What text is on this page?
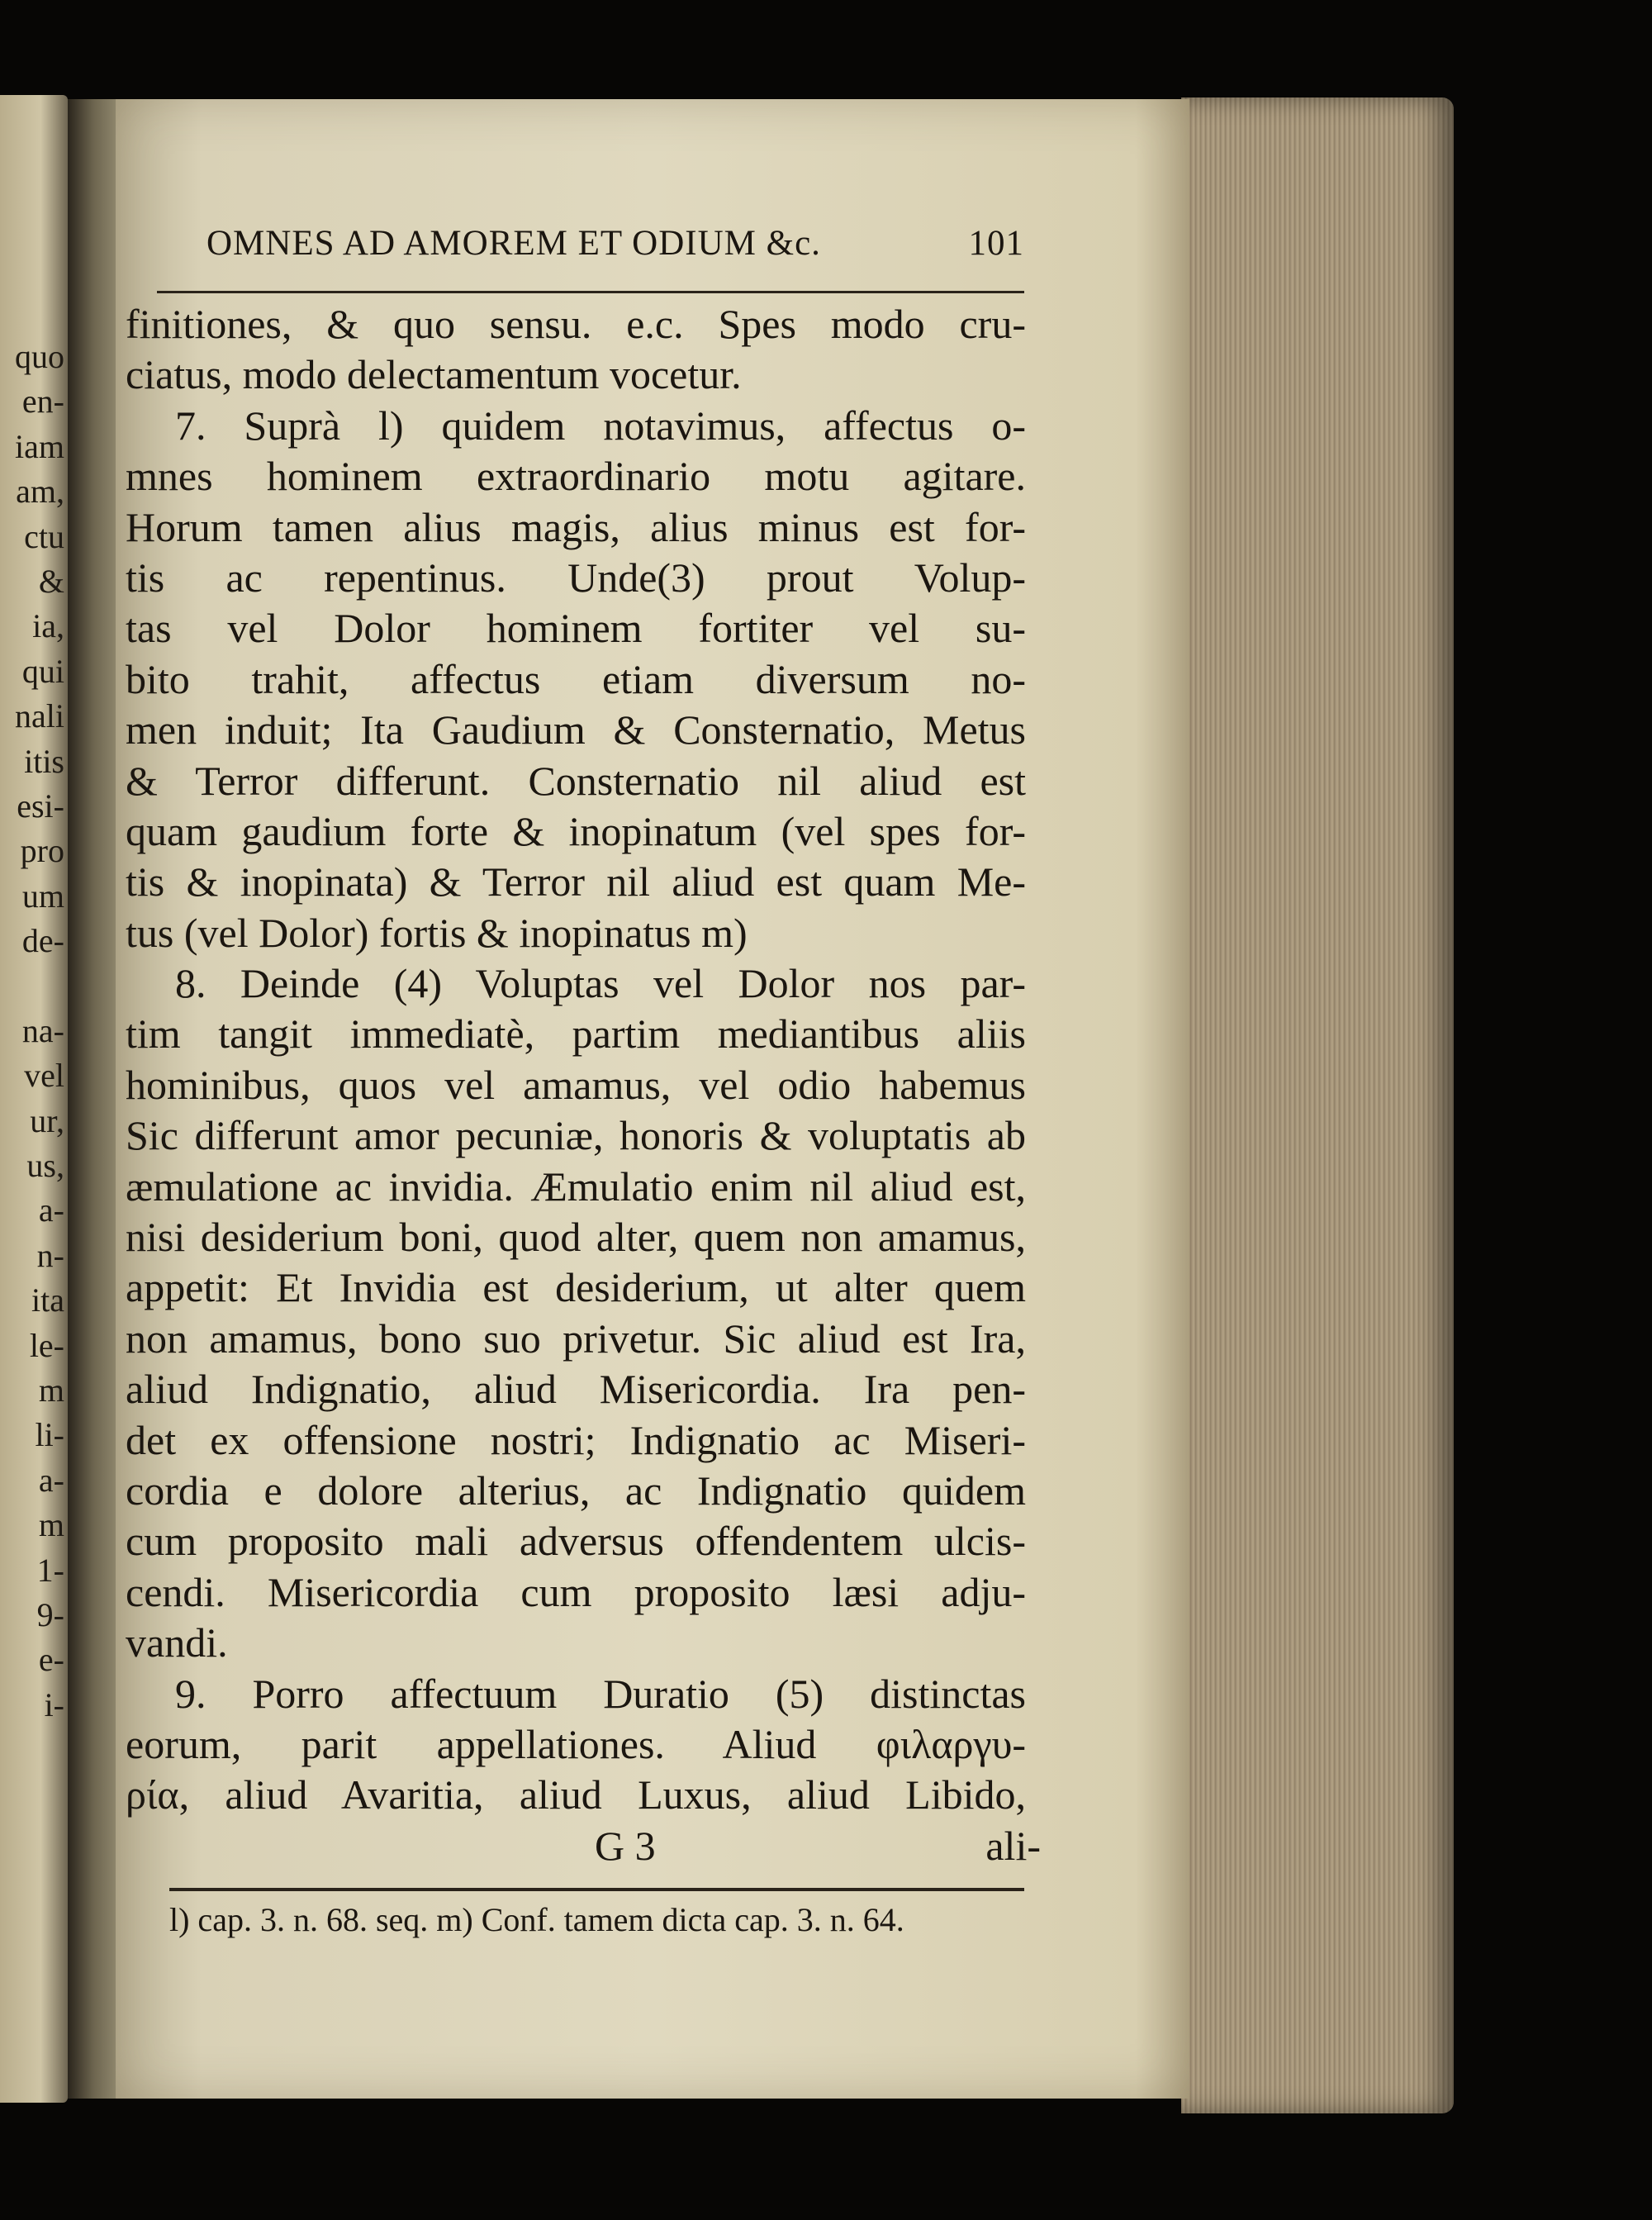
quo
en-
iam
am,
ctu
&
ia,
qui
nali
itis
esi-
pro
um
de-
na-
vel
ur,
us,
a-
n-
ita
le-
m
li-
a-
m
1-
9-
e-
i-
OMNES AD AMOREM ET ODIUM &c.	101
finitiones, & quo sensu. e.c. Spes modo cru-
ciatus, modo delectamentum vocetur.
7. Suprà l) quidem notavimus, affectus o-
mnes hominem extraordinario motu agitare.
Horum tamen alius magis, alius minus est for-
tis ac repentinus. Unde(3) prout Volup-
tas vel Dolor hominem fortiter vel su-
bito trahit, affectus etiam diversum no-
men induit; Ita Gaudium & Consternatio, Metus
& Terror differunt. Consternatio nil aliud est
quam gaudium forte & inopinatum (vel spes for-
tis & inopinata) & Terror nil aliud est quam Me-
tus (vel Dolor) fortis & inopinatus m)
8. Deinde (4) Voluptas vel Dolor nos par-
tim tangit immediatè, partim mediantibus aliis
hominibus, quos vel amamus, vel odio habemus
Sic differunt amor pecuniæ, honoris & voluptatis ab
æmulatione ac invidia. Æmulatio enim nil aliud est,
nisi desiderium boni, quod alter, quem non amamus,
appetit: Et Invidia est desiderium, ut alter quem
non amamus, bono suo privetur. Sic aliud est Ira,
aliud Indignatio, aliud Misericordia. Ira pen-
det ex offensione nostri; Indignatio ac Miseri-
cordia e dolore alterius, ac Indignatio quidem
cum proposito mali adversus offendentem ulcis-
cendi. Misericordia cum proposito læsi adju-
vandi.
9. Porro affectuum Duratio (5) distinctas
eorum, parit appellationes. Aliud φιλαργυ-
ρία, aliud Avaritia, aliud Luxus, aliud Libido,
G 3	ali-
l) cap. 3. n. 68. seq. m) Conf. tamem dicta cap. 3. n. 64.
